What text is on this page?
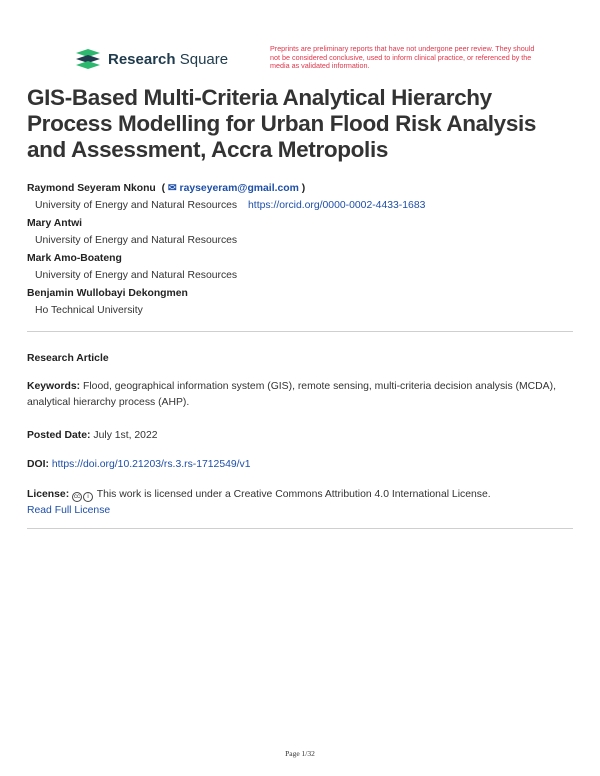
Research Square
Preprints are preliminary reports that have not undergone peer review. They should not be considered conclusive, used to inform clinical practice, or referenced by the media as validated information.
GIS-Based Multi-Criteria Analytical Hierarchy Process Modelling for Urban Flood Risk Analysis and Assessment, Accra Metropolis
Raymond Seyeram Nkonu ( ✉ rayseyeram@gmail.com )
University of Energy and Natural Resources https://orcid.org/0000-0002-4433-1683
Mary Antwi
University of Energy and Natural Resources
Mark Amo-Boateng
University of Energy and Natural Resources
Benjamin Wullobayi Dekongmen
Ho Technical University
Research Article
Keywords: Flood, geographical information system (GIS), remote sensing, multi-criteria decision analysis (MCDA), analytical hierarchy process (AHP).
Posted Date: July 1st, 2022
DOI: https://doi.org/10.21203/rs.3.rs-1712549/v1
License: cc i This work is licensed under a Creative Commons Attribution 4.0 International License.
Read Full License
Page 1/32
